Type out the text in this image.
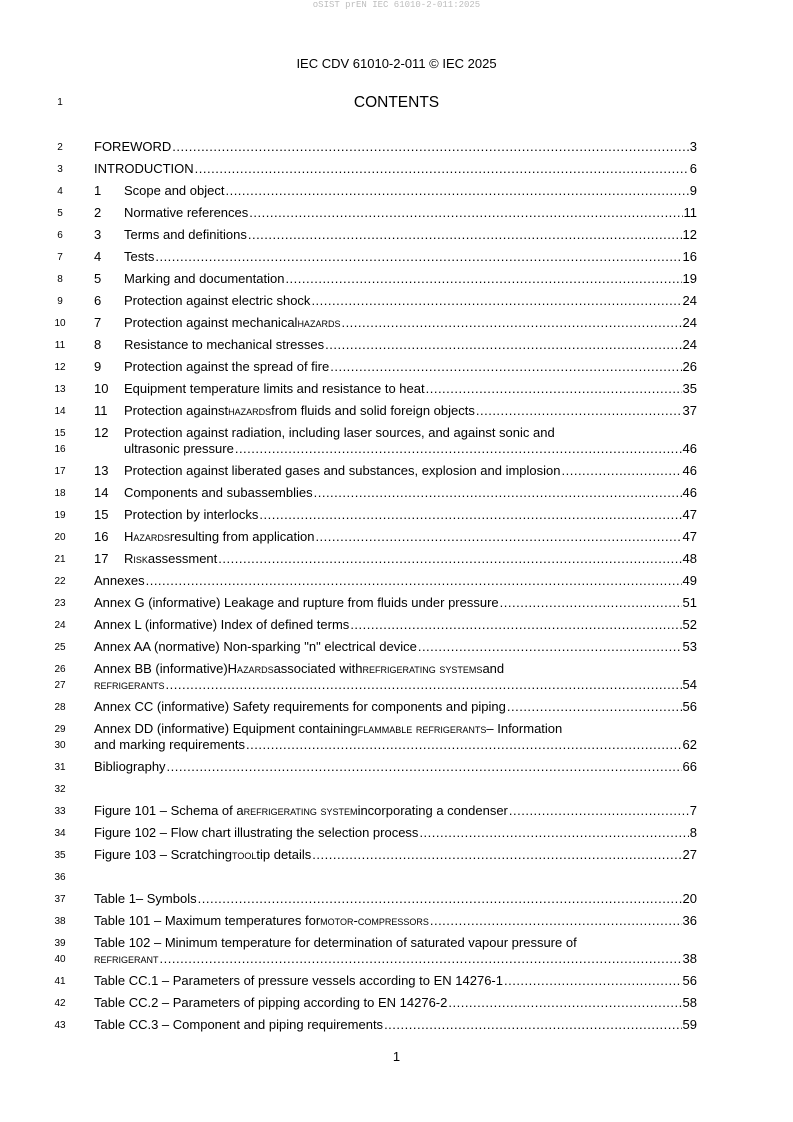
oSIST prEN IEC 61010-2-011:2025
IEC CDV 61010-2-011 © IEC 2025
1	CONTENTS
2	FOREWORD .....	3
3	INTRODUCTION .....	6
4	1	Scope and object .....	9
5	2	Normative references .....	11
6	3	Terms and definitions .....	12
7	4	Tests .....	16
8	5	Marking and documentation .....	19
9	6	Protection against electric shock .....	24
10	7	Protection against mechanical hazards .....	24
11	8	Resistance to mechanical stresses .....	24
12	9	Protection against the spread of fire .....	26
13	10	Equipment temperature limits and resistance to heat .....	35
14	11	Protection against hazards from fluids and solid foreign objects .....	37
15	12	Protection against radiation, including laser sources, and against sonic and
16	ultrasonic pressure .....	46
17	13	Protection against liberated gases and substances, explosion and implosion .....	46
18	14	Components and subassemblies .....	46
19	15	Protection by interlocks .....	47
20	16	Hazards resulting from application .....	47
21	17	Risk assessment .....	48
22	Annexes .....	49
23	Annex G (informative) Leakage and rupture from fluids under pressure .....	51
24	Annex L (informative) Index of defined terms .....	52
25	Annex AA (normative) Non-sparking "n" electrical device .....	53
26	Annex BB (informative) Hazards associated with refrigerating systems and
27	refrigerants .....	54
28	Annex CC (informative) Safety requirements for components and piping .....	56
29	Annex DD (informative) Equipment containing flammable refrigerants – Information
30	and marking requirements .....	62
31	Bibliography .....	66
32
33	Figure 101 – Schema of a refrigerating system incorporating a condenser .....	7
34	Figure 102 – Flow chart illustrating the selection process .....	8
35	Figure 103 – Scratching tool tip details .....	27
36
37	Table 1– Symbols .....	20
38	Table 101 – Maximum temperatures for motor-compressors .....	36
39	Table 102 – Minimum temperature for determination of saturated vapour pressure of
40	refrigerant .....	38
41	Table CC.1 – Parameters of pressure vessels according to EN 14276-1 .....	56
42	Table CC.2 – Parameters of pipping according to EN 14276-2 .....	58
43	Table CC.3 – Component and piping requirements .....	59
1
